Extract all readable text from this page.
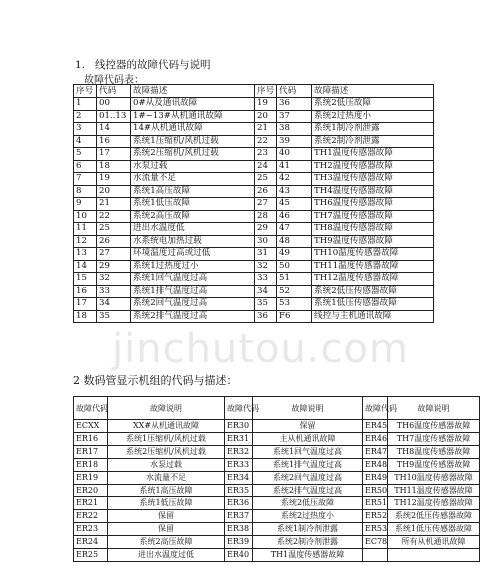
1. 线控器的故障代码与说明
故障代码表：
序号	代码	故障描述	序号	代码	故障描述
1	00	0#从及通讯故障	19	36	系统2低压故障
2	01..13	1#~13#从机通讯故障	20	37	系统2过热度小
3	14	14#从机通讯故障	21	38	系统1制冷剂泄露
4	16	系统1压缩机/风机过载	22	39	系统2制冷剂泄露
5	17	系统2压缩机/风机过载	23	40	TH1温度传感器故障
6	18	水泵过载	24	41	TH2温度传感器故障
7	19	水流量不足	25	42	TH3温度传感器故障
8	20	系统1高压故障	26	43	TH4温度传感器故障
9	21	系统1低压故障	27	45	TH6温度传感器故障
10	22	系统2高压故障	28	46	TH7温度传感器故障
11	25	进出水温度低	29	47	TH8温度传感器故障
12	26	水系统电加热过载	30	48	TH9温度传感器故障
13	27	环境温度过高或过低	31	49	TH10温度传感器故障
14	29	系统1过热度过小	32	50	TH11温度传感器故障
15	32	系统1回气温度过高	33	51	TH12温度传感器故障
16	33	系统1排气温度过高	34	52	系统2低压传感器故障
17	34	系统2回气温度过高	35	53	系统1低压传感器故障
18	35	系统2排气温度过高	36	F6	线控与主机通讯故障
2 数码管显示机组的代码与描述：
故障代码	故障说明	故障代码	故障说明	故障代码	故障说明
ECXX	XX#从机通讯故障	ER30	保留	ER45	TH6温度传感器故障
ER16	系统1压缩机/风机过载	ER31	主从机通讯故障	ER46	TH7温度传感器故障
ER17	系统2压缩机/风机过载	ER32	系统1回气温度过高	ER47	TH8温度传感器故障
ER18	水泵过载	ER33	系统1排气温度过高	ER48	TH9温度传感器故障
ER19	水流量不足	ER34	系统2回气温度过高	ER49	TH10温度传感器故障
ER20	系统1高压故障	ER35	系统2排气温度过高	ER50	TH11温度传感器故障
ER21	系统1低压故障	ER36	系统2低压故障	ER51	TH12温度传感器故障
ER22	保留	ER37	系统2过热度小	ER52	系统2低压传感器故障
ER23	保留	ER38	系统1制冷剂泄露	ER53	系统1低压传感器故障
ER24	系统2高压故障	ER39	系统2制冷剂泄露	EC78	所有从机通讯故障
ER25	进出水温度过低	ER40	TH1温度传感器故障		
jinchutou.com
